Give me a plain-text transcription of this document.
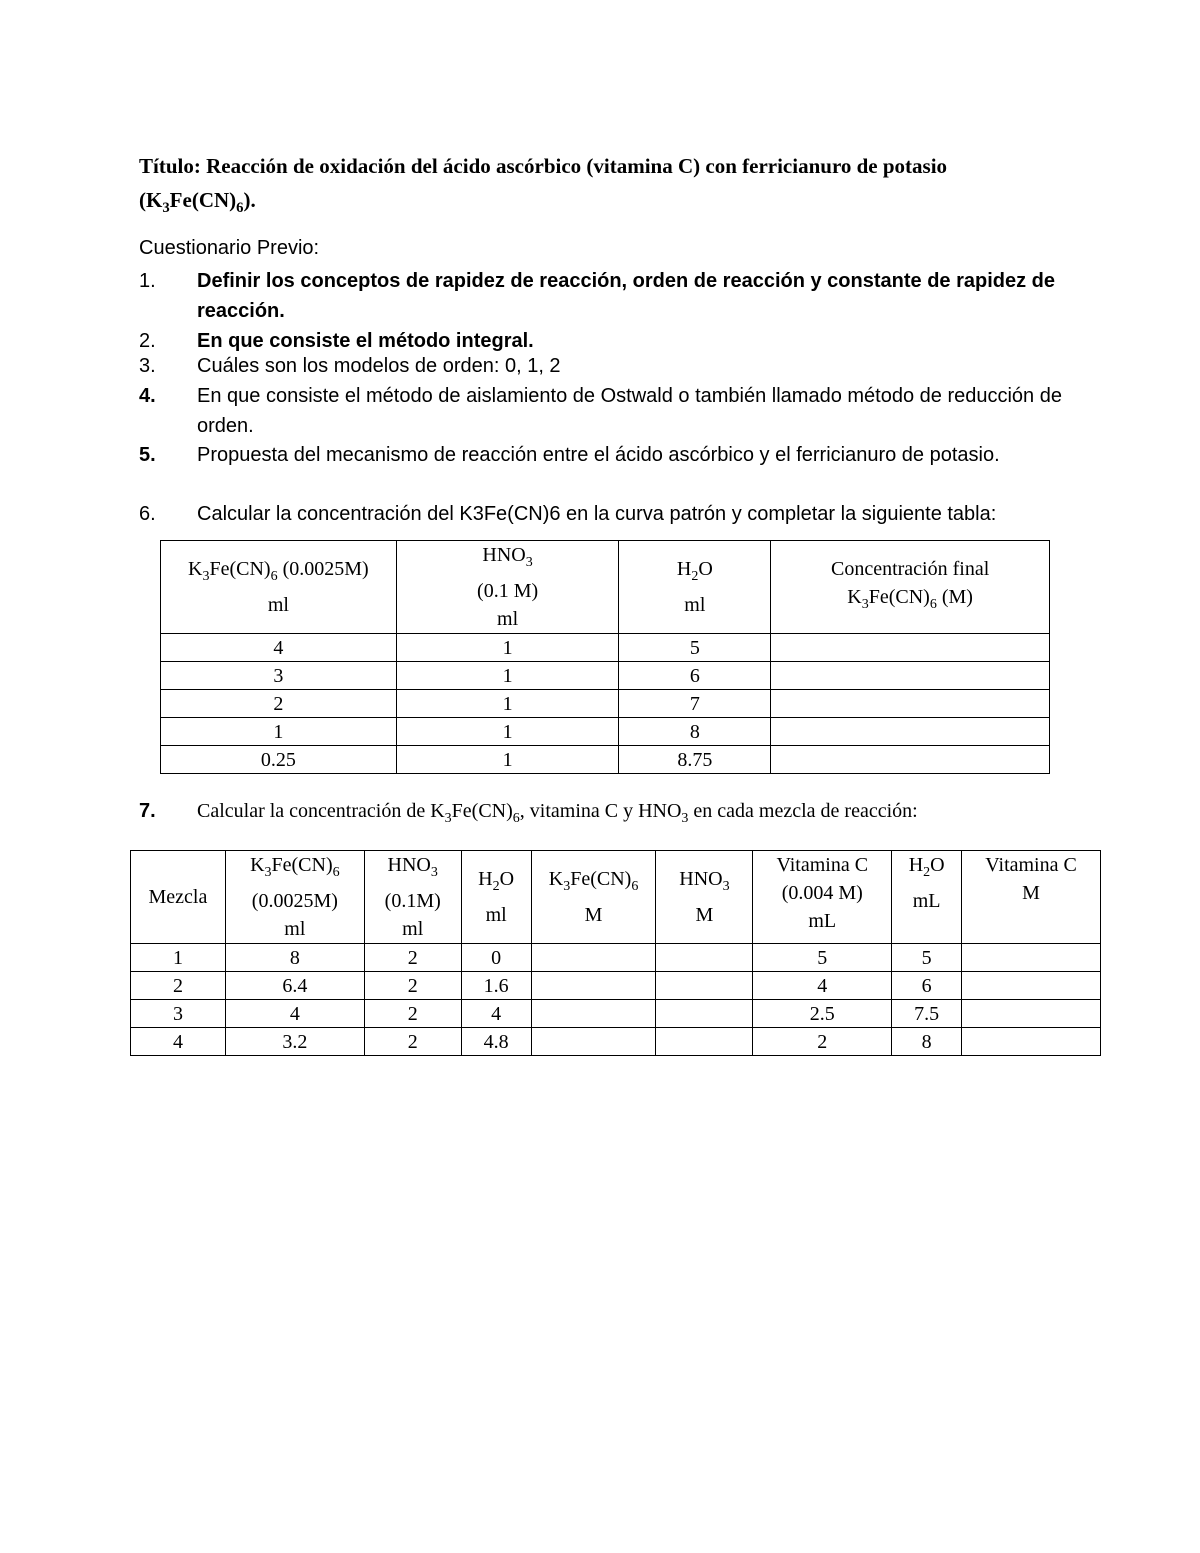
Título: Reacción de oxidación del ácido ascórbico (vitamina C) con ferricianuro de potasio
$(K_3Fe(CN)_6)$.
Cuestionario Previo:
1.	Definir los conceptos de rapidez de reacción, orden de reacción y constante de rapidez de reacción.
2.	En que consiste el método integral.
3.	Cuáles son los modelos de orden: 0, 1, 2
4.	En que consiste el método de aislamiento de Ostwald o también llamado método de reducción de orden.
5.	Propuesta del mecanismo de reacción entre el ácido ascórbico y el ferricianuro de potasio.
6.	Calcular la concentración del K3Fe(CN)6 en la curva patrón y completar la siguiente tabla:
$K_3Fe(CN)_6$ (0.0025M)
ml	$HNO_3$
(0.1 M)
ml	$H_2O$
ml	Concentración final
$K_3Fe(CN)_6$ (M)
4	1	5	
3	1	6	
2	1	7	
1	1	8	
0.25	1	8.75	
7. Calcular la concentración de $K_3Fe(CN)_6$, vitamina C y $HNO_3$ en cada mezcla de reacción:
Mezcla	$K_3Fe(CN)_6$
(0.0025M)
ml	$HNO_3$
(0.1M)
ml	$H_2O$
ml	$K_3Fe(CN)_6$
M	$HNO_3$
M	Vitamina C
(0.004 M)
mL	$H_2O$
mL	Vitamina C
M
1	8	2	0			5	5	
2	6.4	2	1.6			4	6	
3	4	2	4			2.5	7.5	
4	3.2	2	4.8			2	8	
